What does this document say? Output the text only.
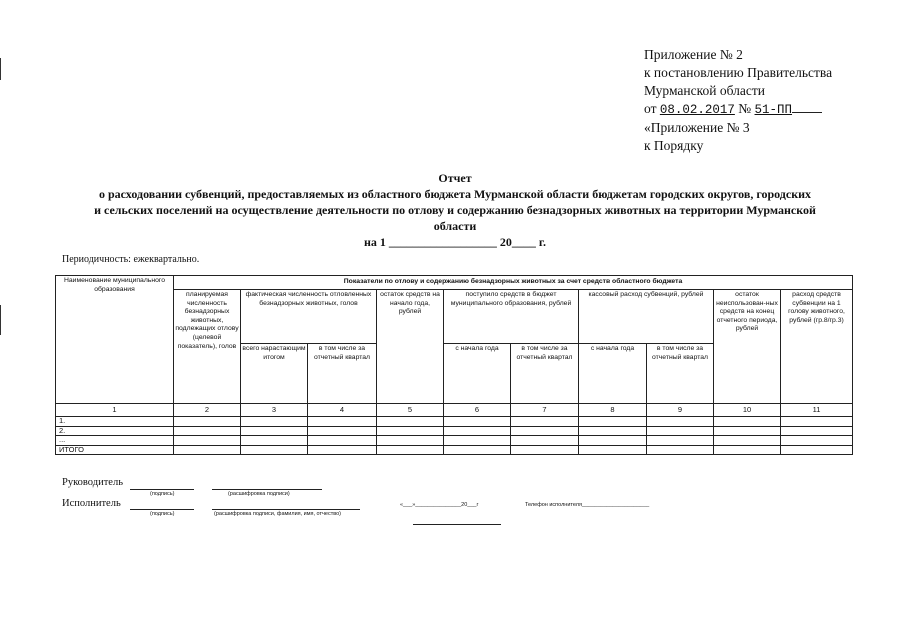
Приложение № 2
к постановлению Правительства
Мурманской области
от 08.02.2017 № 51-ПП
«Приложение № 3
к Порядку
Отчет
о расходовании субвенций, предоставляемых из областного бюджета Мурманской области бюджетам городских округов, городских
и сельских поселений на осуществление деятельности по отлову и содержанию безнадзорных животных на территории Мурманской
области
на 1 __________________ 20____ г.
Периодичность: ежеквартально.
Наименование муниципального образования	Показатели по отлову и содержанию безнадзорных животных за счет средств областного бюджета									
	планируемая численность безнадзорных животных, подлежащих отлову (целевой показатель), голов	фактическая численность отловленных безнадзорных животных, голов		остаток средств на начало года, рублей	поступило средств в бюджет муниципального образования, рублей		кассовый расход субвенций, рублей		остаток неиспользован-ных средств на конец отчетного периода, рублей	расход средств субвенции на 1 голову животного, рублей (гр.8/гр.3)
		всего нарастающим итогом	в том числе за отчетный квартал		с начала года	в том числе за отчетный квартал	с начала года	в том числе за отчетный квартал		
1	2	3	4	5	6	7	8	9	10	11
1.										
2.										
...										
ИТОГО										
Руководитель
(подпись)	(расшифровка подписи)
Исполнитель
(подпись)	(расшифровка подписи, фамилия, имя, отчество)
«___»_______________20___г	Телефон исполнителя______________________
